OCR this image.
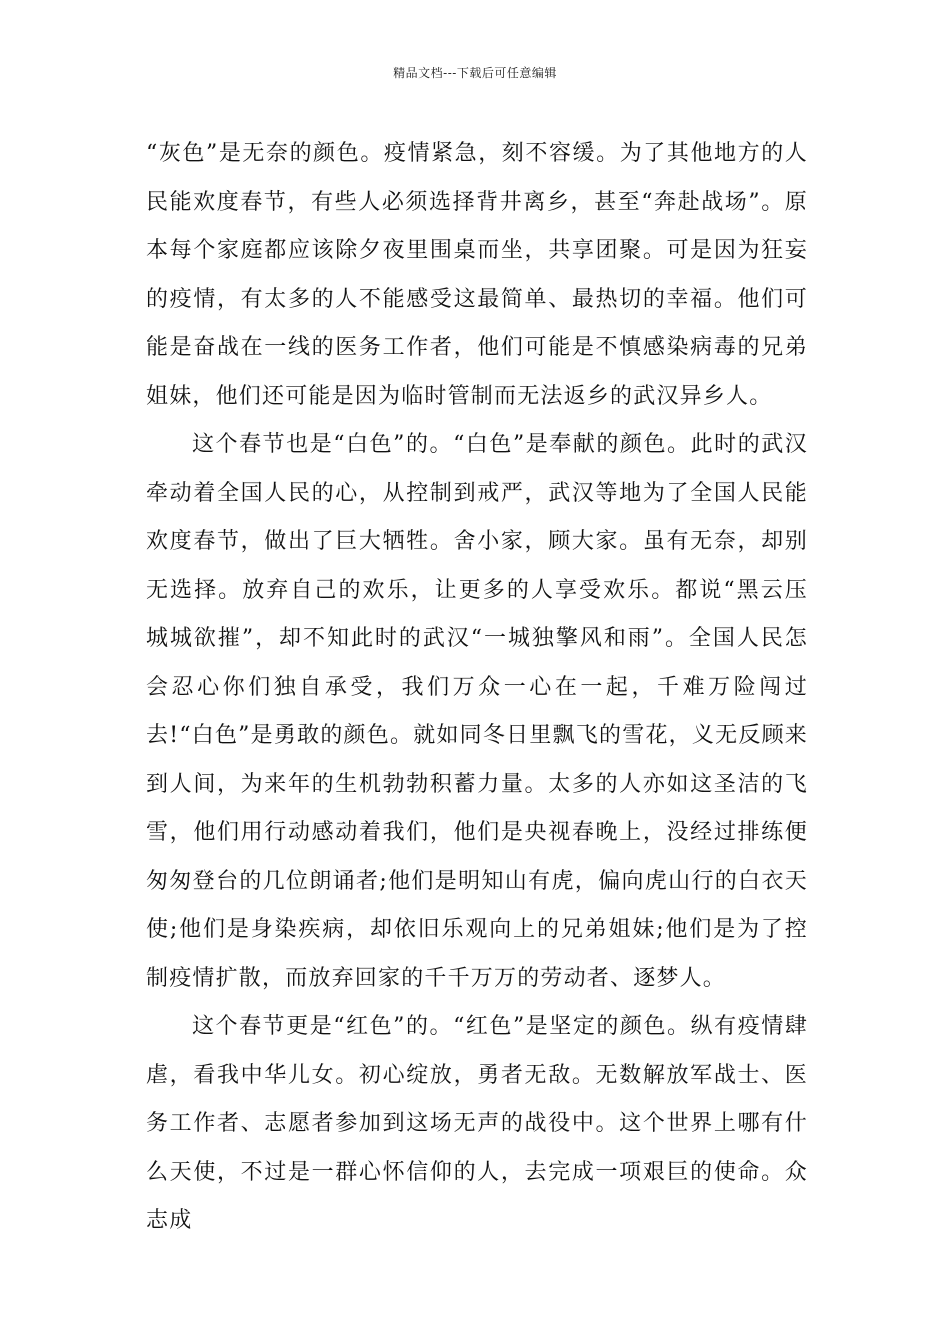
精品文档---下载后可任意编辑

“灰色”是无奈的颜色。疫情紧急，刻不容缓。为了其他地方的人民能欢度春节，有些人必须选择背井离乡，甚至“奔赴战场”。原本每个家庭都应该除夕夜里围桌而坐，共享团聚。可是因为狂妄的疫情，有太多的人不能感受这最简单、最热切的幸福。他们可能是奋战在一线的医务工作者，他们可能是不慎感染病毒的兄弟姐妹，他们还可能是因为临时管制而无法返乡的武汉异乡人。

这个春节也是“白色”的。“白色”是奉献的颜色。此时的武汉牵动着全国人民的心，从控制到戒严，武汉等地为了全国人民能欢度春节，做出了巨大牺牲。舍小家，顾大家。虽有无奈，却别无选择。放弃自己的欢乐，让更多的人享受欢乐。都说“黑云压城城欲摧”，却不知此时的武汉“一城独擎风和雨”。全国人民怎会忍心你们独自承受，我们万众一心在一起，千难万险闯过去!“白色”是勇敢的颜色。就如同冬日里飘飞的雪花，义无反顾来到人间，为来年的生机勃勃积蓄力量。太多的人亦如这圣洁的飞雪，他们用行动感动着我们，他们是央视春晚上，没经过排练便匆匆登台的几位朗诵者;他们是明知山有虎，偏向虎山行的白衣天使;他们是身染疾病，却依旧乐观向上的兄弟姐妹;他们是为了控制疫情扩散，而放弃回家的千千万万的劳动者、逐梦人。

这个春节更是“红色”的。“红色”是坚定的颜色。纵有疫情肆虐，看我中华儿女。初心绽放，勇者无敌。无数解放军战士、医务工作者、志愿者参加到这场无声的战役中。这个世界上哪有什么天使，不过是一群心怀信仰的人，去完成一项艰巨的使命。众志成
